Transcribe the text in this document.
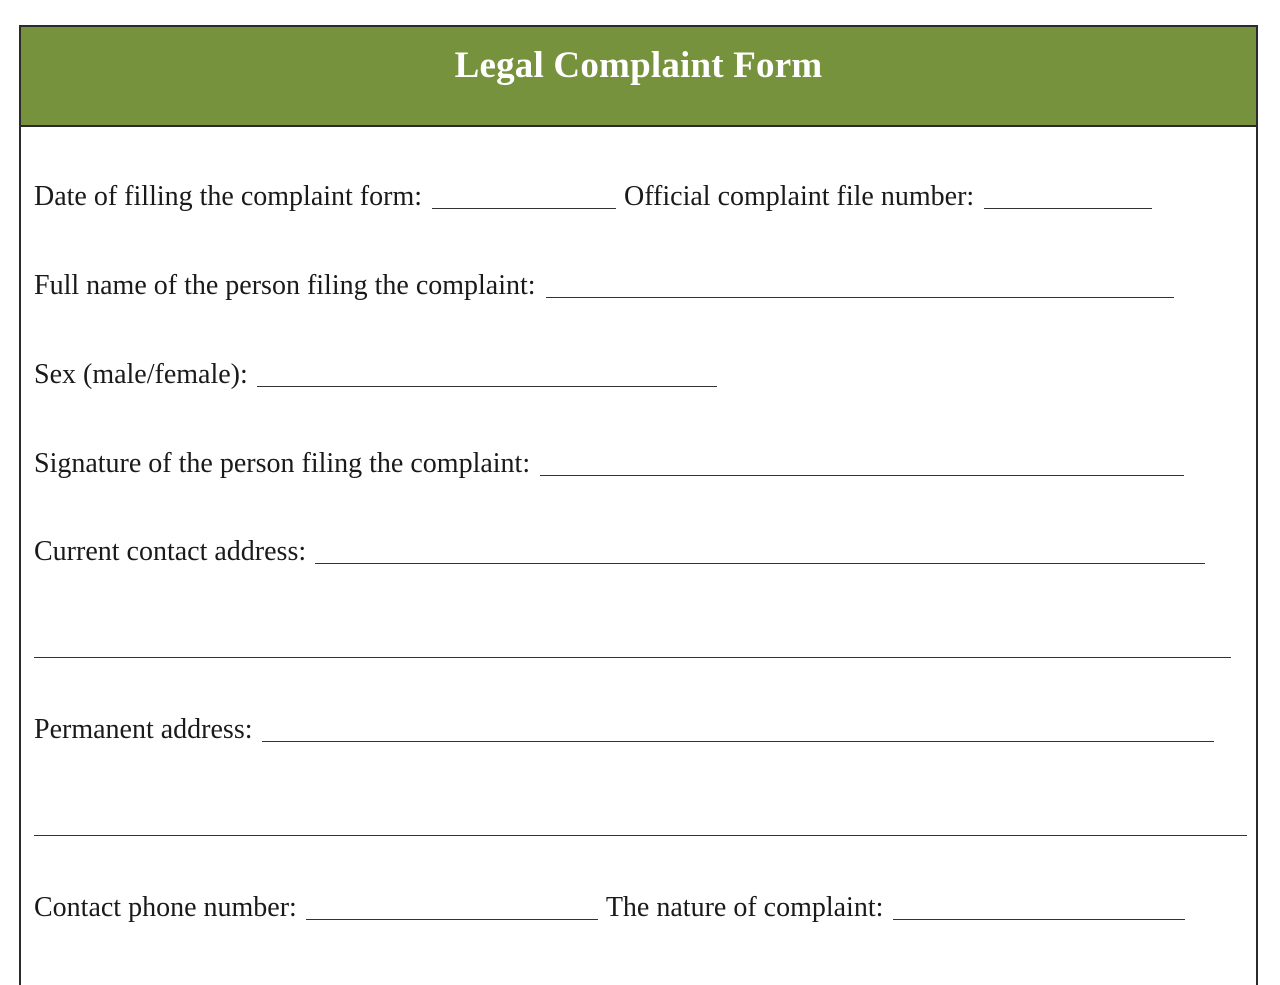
Legal Complaint Form
Date of filling the complaint form:	Official complaint file number:
Full name of the person filing the complaint:
Sex (male/female):
Signature of the person filing the complaint:
Current contact address:
Permanent address:
Contact phone number:	The nature of complaint:
